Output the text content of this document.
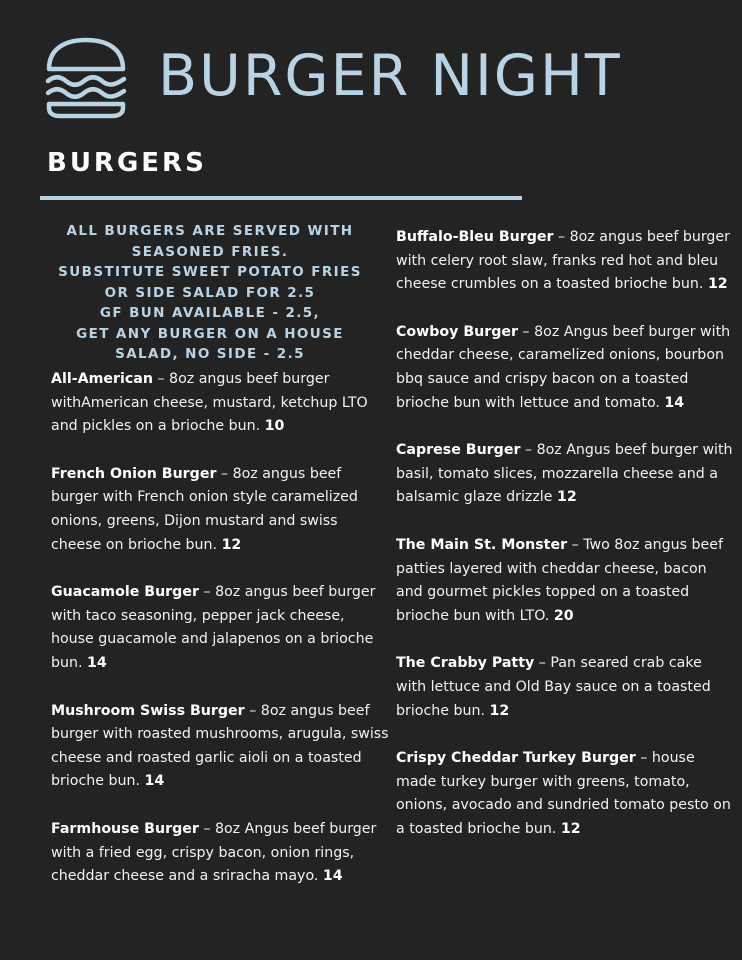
BURGER NIGHT
BURGERS
ALL BURGERS ARE SERVED WITH
SEASONED FRIES.
SUBSTITUTE SWEET POTATO FRIES
OR SIDE SALAD FOR 2.5
GF BUN AVAILABLE - 2.5,
GET ANY BURGER ON A HOUSE
SALAD, NO SIDE - 2.5

All-American – 8oz angus beef burger withAmerican cheese, mustard, ketchup LTO and pickles on a brioche bun. 10

French Onion Burger – 8oz angus beef burger with French onion style caramelized onions, greens, Dijon mustard and swiss cheese on brioche bun. 12

Guacamole Burger – 8oz angus beef burger with taco seasoning, pepper jack cheese, house guacamole and jalapenos on a brioche bun. 14

Mushroom Swiss Burger – 8oz angus beef burger with roasted mushrooms, arugula, swiss cheese and roasted garlic aioli on a toasted brioche bun. 14

Farmhouse Burger – 8oz Angus beef burger with a fried egg, crispy bacon, onion rings, cheddar cheese and a sriracha mayo. 14

Buffalo-Bleu Burger – 8oz angus beef burger with celery root slaw, franks red hot and bleu cheese crumbles on a toasted brioche bun. 12

Cowboy Burger – 8oz Angus beef burger with cheddar cheese, caramelized onions, bourbon bbq sauce and crispy bacon on a toasted brioche bun with lettuce and tomato. 14

Caprese Burger – 8oz Angus beef burger with basil, tomato slices, mozzarella cheese and a balsamic glaze drizzle 12

The Main St. Monster – Two 8oz angus beef patties layered with cheddar cheese, bacon and gourmet pickles topped on a toasted brioche bun with LTO. 20

The Crabby Patty – Pan seared crab cake with lettuce and Old Bay sauce on a toasted brioche bun. 12

Crispy Cheddar Turkey Burger – house made turkey burger with greens, tomato, onions, avocado and sundried tomato pesto on a toasted brioche bun. 12
